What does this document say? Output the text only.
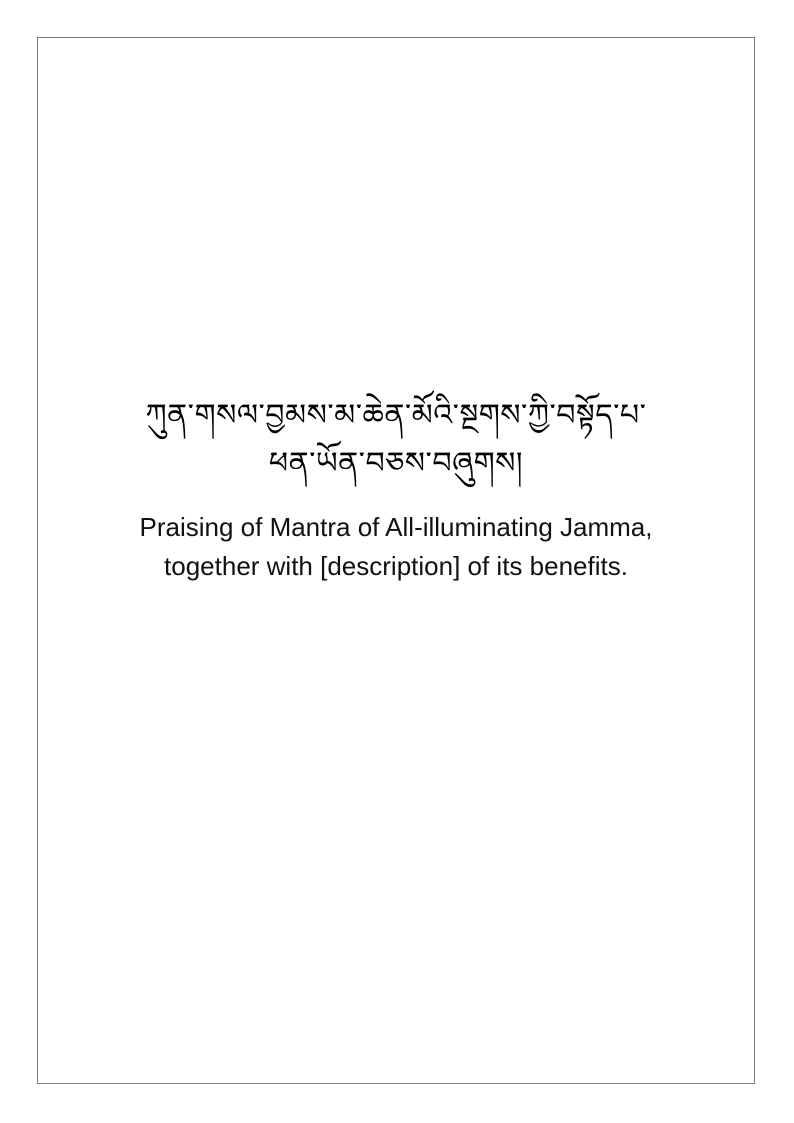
ཀུན་གསལ་བྱམས་མ་ཆེན་མོའི་སྔགས་ཀྱི་བསྟོད་པ་
ཕན་ཡོན་བཅས་བཞུགས།
Praising of Mantra of All-illuminating Jamma,
together with [description] of its benefits.
